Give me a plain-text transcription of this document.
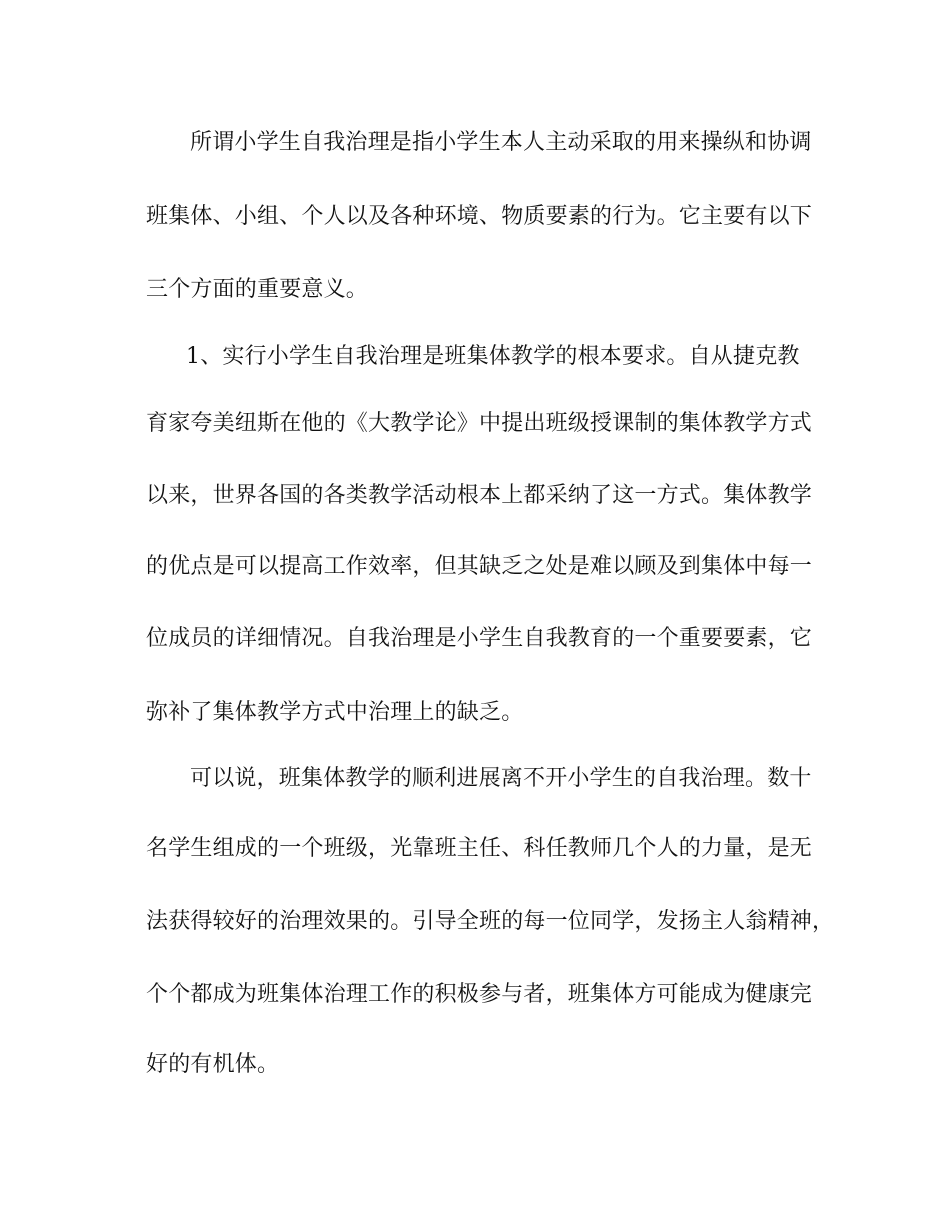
所谓小学生自我治理是指小学生本人主动采取的用来操纵和协调
班集体、小组、个人以及各种环境、物质要素的行为。它主要有以下
三个方面的重要意义。
1、实行小学生自我治理是班集体教学的根本要求。自从捷克教
育家夸美纽斯在他的《大教学论》中提出班级授课制的集体教学方式
以来，世界各国的各类教学活动根本上都采纳了这一方式。集体教学
的优点是可以提高工作效率，但其缺乏之处是难以顾及到集体中每一
位成员的详细情况。自我治理是小学生自我教育的一个重要要素，它
弥补了集体教学方式中治理上的缺乏。
可以说，班集体教学的顺利进展离不开小学生的自我治理。数十
名学生组成的一个班级，光靠班主任、科任教师几个人的力量，是无
法获得较好的治理效果的。引导全班的每一位同学，发扬主人翁精神，
个个都成为班集体治理工作的积极参与者，班集体方可能成为健康完
好的有机体。
